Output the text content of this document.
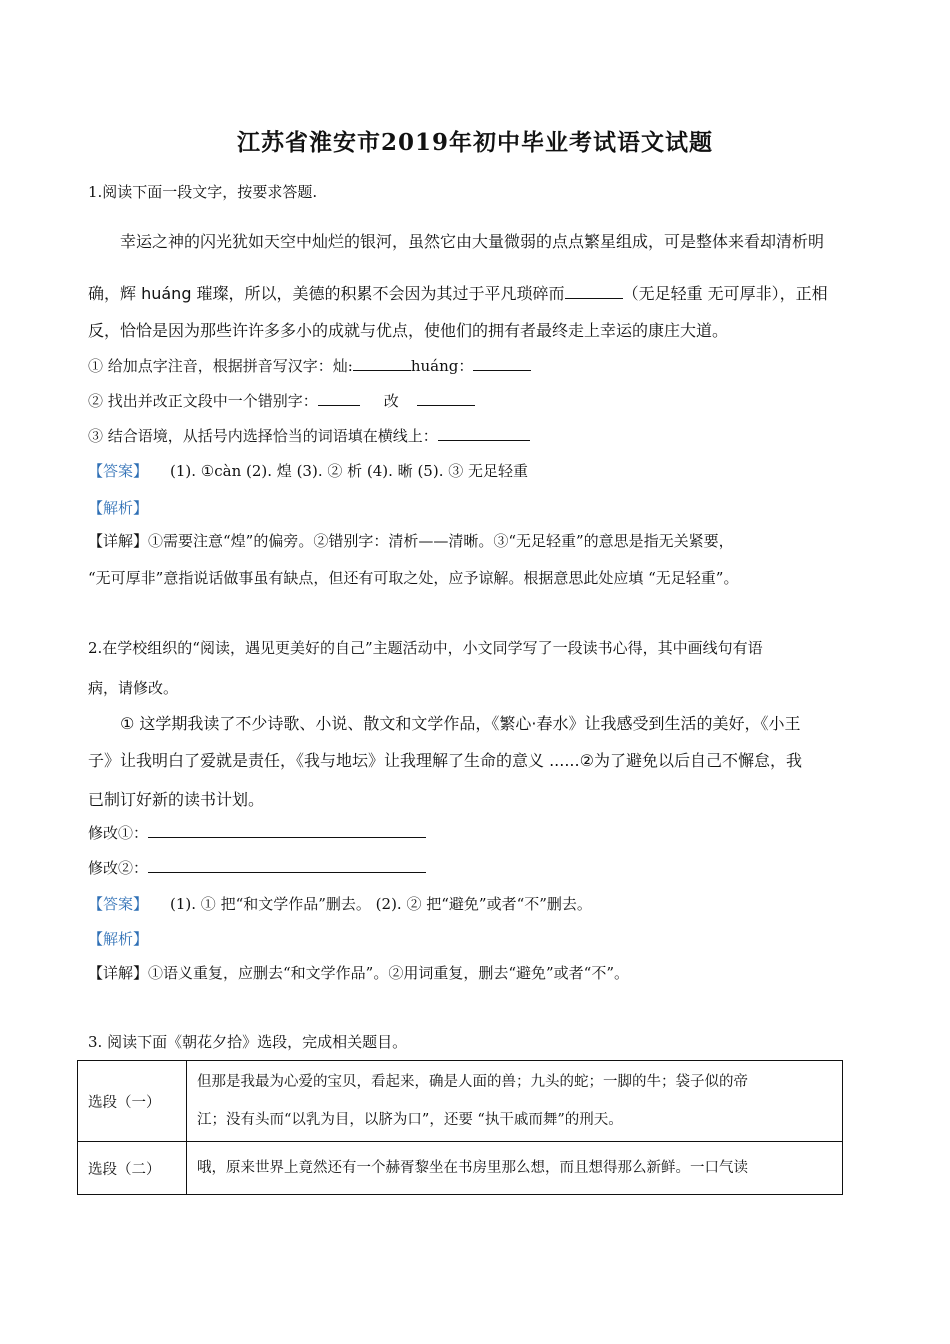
江苏省淮安市2019年初中毕业考试语文试题
1.阅读下面一段文字，按要求答题.
幸运之神的闪光犹如天空中灿烂的银河，虽然它由大量微弱的点点繁星组成，可是整体来看却清析明
确，辉 huáng 璀璨，所以，美德的积累不会因为其过于平凡琐碎而	（无足轻重 无可厚非），正相
反，恰恰是因为那些许许多多小的成就与优点，使他们的拥有者最终走上幸运的康庄大道。
① 给加点字注音，根据拼音写汉字：灿:	huáng：
② 找出并改正文段中一个错别字：	改
③ 结合语境，从括号内选择恰当的词语填在横线上：
【答案】 (1). ①càn (2). 煌 (3). ② 析 (4). 晰 (5). ③ 无足轻重
【解析】
【详解】①需要注意“煌”的偏旁。②错别字：清析——清晰。③“无足轻重”的意思是指无关紧要，
“无可厚非”意指说话做事虽有缺点，但还有可取之处，应予谅解。根据意思此处应填 “无足轻重”。
2.在学校组织的“阅读，遇见更美好的自己”主题活动中，小文同学写了一段读书心得，其中画线句有语
病，请修改。
① 这学期我读了不少诗歌、小说、散文和文学作品，《繁心·春水》让我感受到生活的美好，《小王
子》让我明白了爱就是责任，《我与地坛》让我理解了生命的意义 ......②为了避免以后自己不懈怠，我
已制订好新的读书计划。
修改①：
修改②：
【答案】 (1). ① 把“和文学作品”删去。 (2). ② 把“避免”或者“不”删去。
【解析】
【详解】①语义重复，应删去“和文学作品”。②用词重复，删去“避免”或者“不”。
3. 阅读下面《朝花夕拾》选段，完成相关题目。
选段（一）	但那是我最为心爱的宝贝，看起来，确是人面的兽；九头的蛇；一脚的牛；袋子似的帝
江；没有头而“以乳为目，以脐为口”，还要 “执干戚而舞”的刑天。

选段（二）	哦，原来世界上竟然还有一个赫胥黎坐在书房里那么想，而且想得那么新鲜。一口气读
